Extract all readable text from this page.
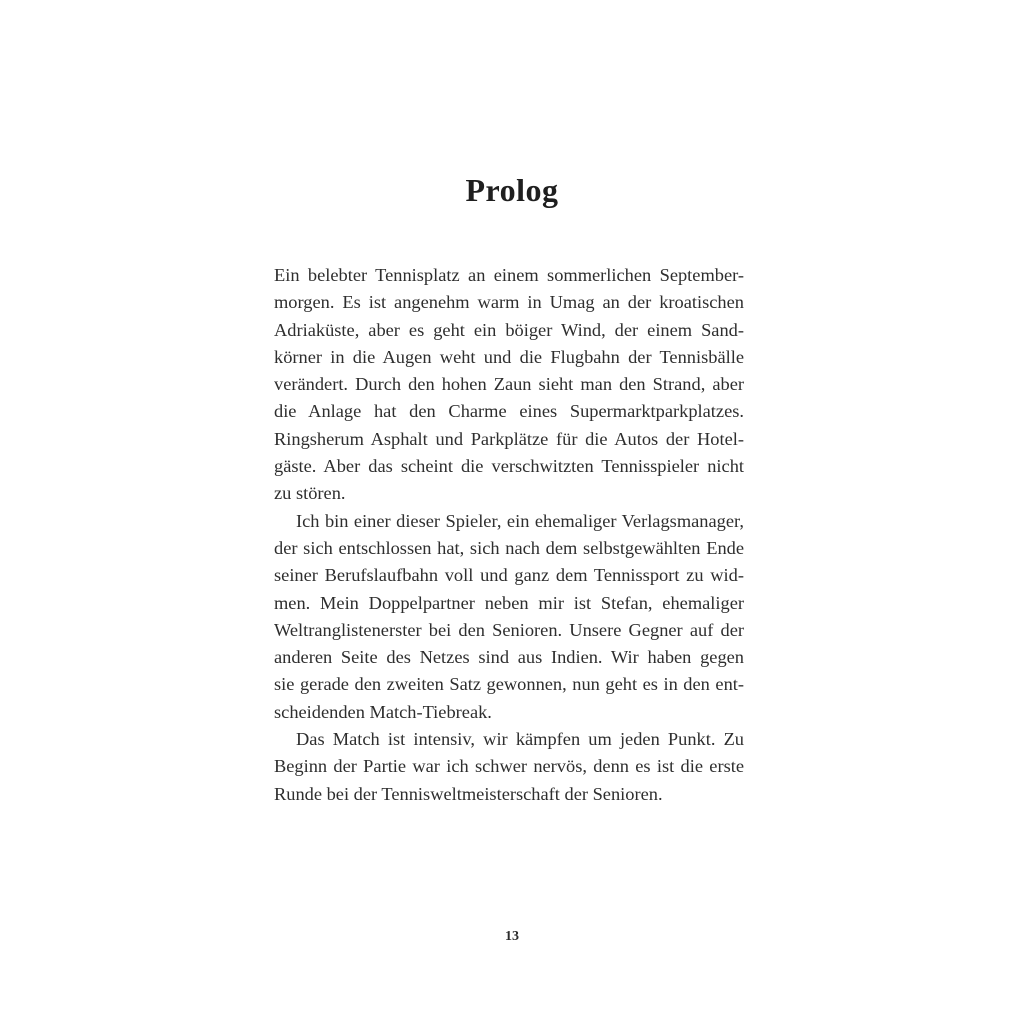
Prolog
Ein belebter Tennisplatz an einem sommerlichen September-
morgen. Es ist angenehm warm in Umag an der kroatischen
Adriaküste, aber es geht ein böiger Wind, der einem Sand-
körner in die Augen weht und die Flugbahn der Tennisbälle
verändert. Durch den hohen Zaun sieht man den Strand, aber
die Anlage hat den Charme eines Supermarktparkplatzes.
Ringsherum Asphalt und Parkplätze für die Autos der Hotel-
gäste. Aber das scheint die verschwitzten Tennisspieler nicht
zu stören.
Ich bin einer dieser Spieler, ein ehemaliger Verlagsmanager,
der sich entschlossen hat, sich nach dem selbstgewählten Ende
seiner Berufslaufbahn voll und ganz dem Tennissport zu wid-
men. Mein Doppelpartner neben mir ist Stefan, ehemaliger
Weltranglistenerster bei den Senioren. Unsere Gegner auf der
anderen Seite des Netzes sind aus Indien. Wir haben gegen
sie gerade den zweiten Satz gewonnen, nun geht es in den ent-
scheidenden Match-Tiebreak.
Das Match ist intensiv, wir kämpfen um jeden Punkt. Zu
Beginn der Partie war ich schwer nervös, denn es ist die erste
Runde bei der Tennisweltmeisterschaft der Senioren.
13
